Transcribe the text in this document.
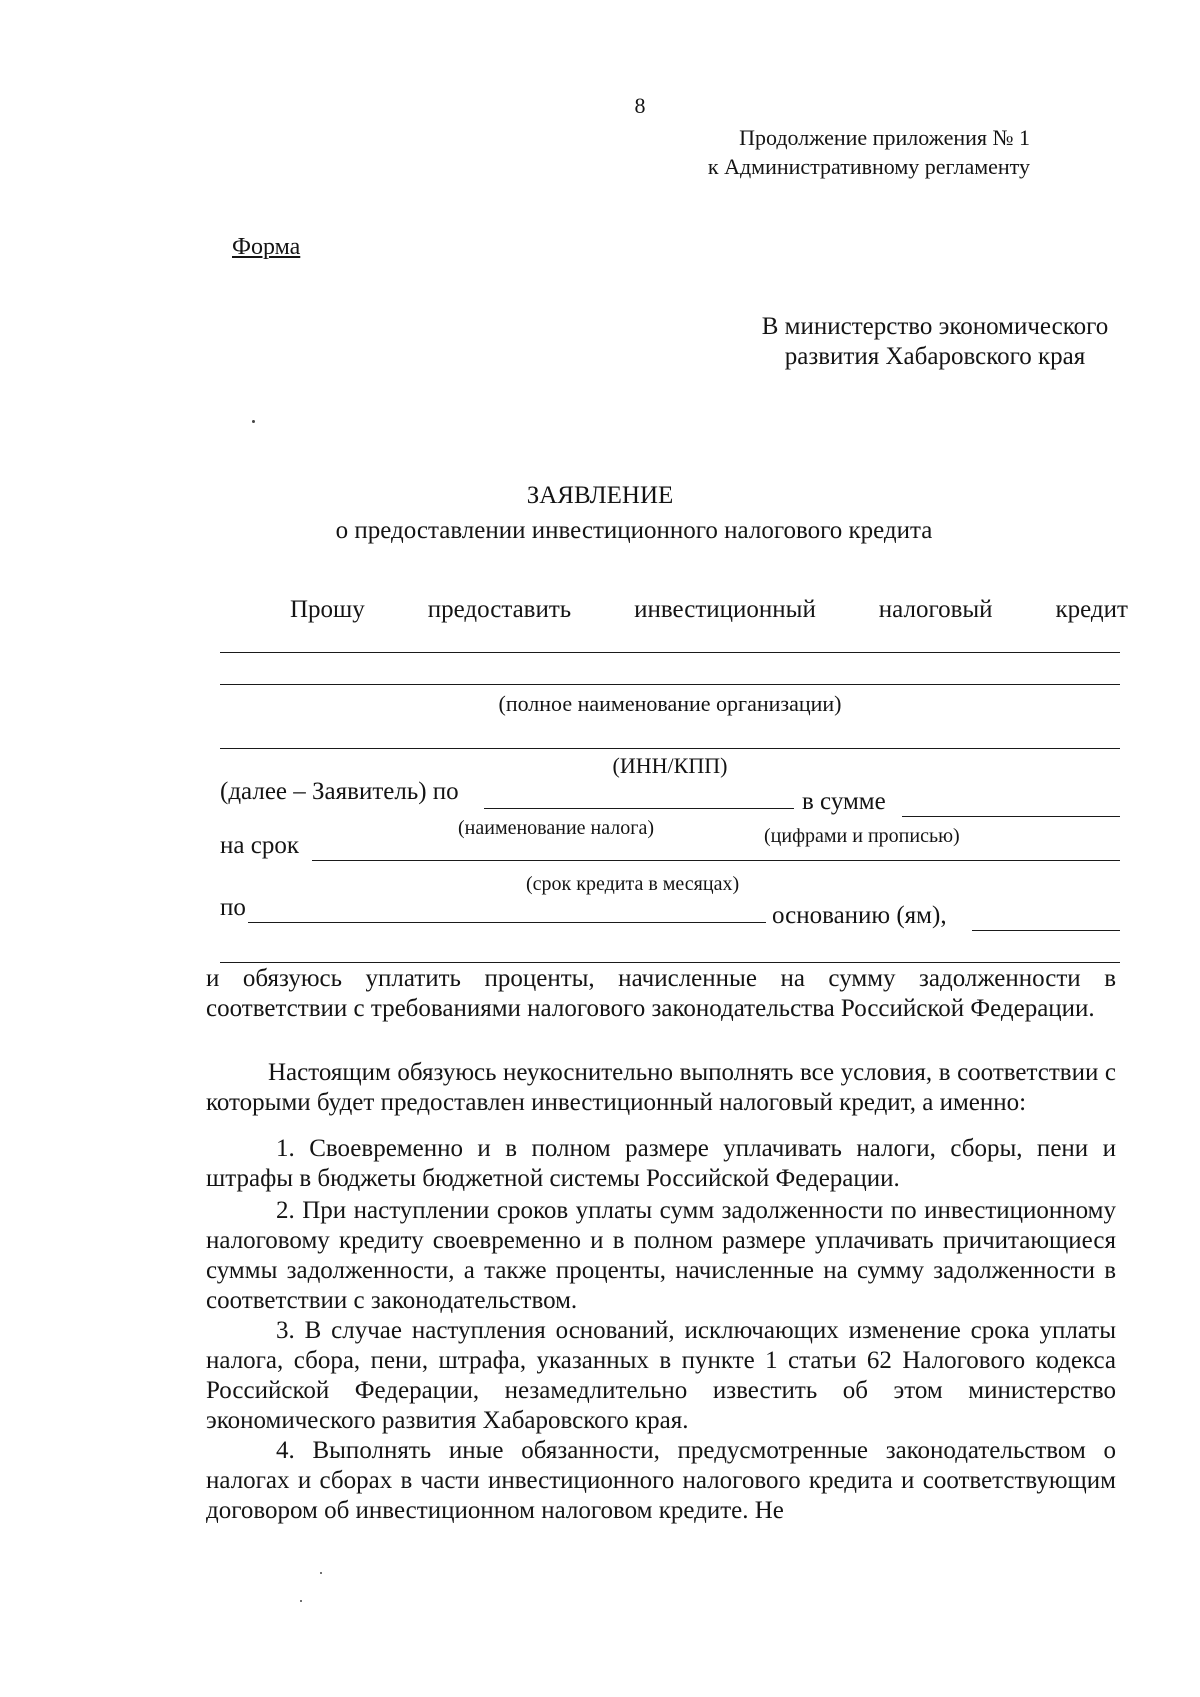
8
Продолжение приложения № 1
к Административному регламенту
Форма
В министерство экономического
развития Хабаровского края
ЗАЯВЛЕНИЕ
о предоставлении инвестиционного налогового кредита
Прошу	предоставить	инвестиционный	налоговый	кредит
(полное наименование организации)
(ИНН/КПП)
(далее – Заявитель) по	в сумме
(наименование налога)	(цифрами и прописью)
на срок
(срок кредита в месяцах)
по	основанию (ям),
и обязуюсь уплатить проценты, начисленные на сумму задолженности в соответствии с требованиями налогового законодательства Российской Федерации.
Настоящим обязуюсь неукоснительно выполнять все условия, в соответствии с которыми будет предоставлен инвестиционный налоговый кредит, а именно:
1. Своевременно и в полном размере уплачивать налоги, сборы, пени и штрафы в бюджеты бюджетной системы Российской Федерации.
2. При наступлении сроков уплаты сумм задолженности по инвестиционному налоговому кредиту своевременно и в полном размере уплачивать причитающиеся суммы задолженности, а также проценты, начисленные на сумму задолженности в соответствии с законодательством.
3. В случае наступления оснований, исключающих изменение срока уплаты налога, сбора, пени, штрафа, указанных в пункте 1 статьи 62 Налогового кодекса Российской Федерации, незамедлительно известить об этом министерство экономического развития Хабаровского края.
4. Выполнять иные обязанности, предусмотренные законодательством о налогах и сборах в части инвестиционного налогового кредита и соответствующим договором об инвестиционном налоговом кредите. Не
